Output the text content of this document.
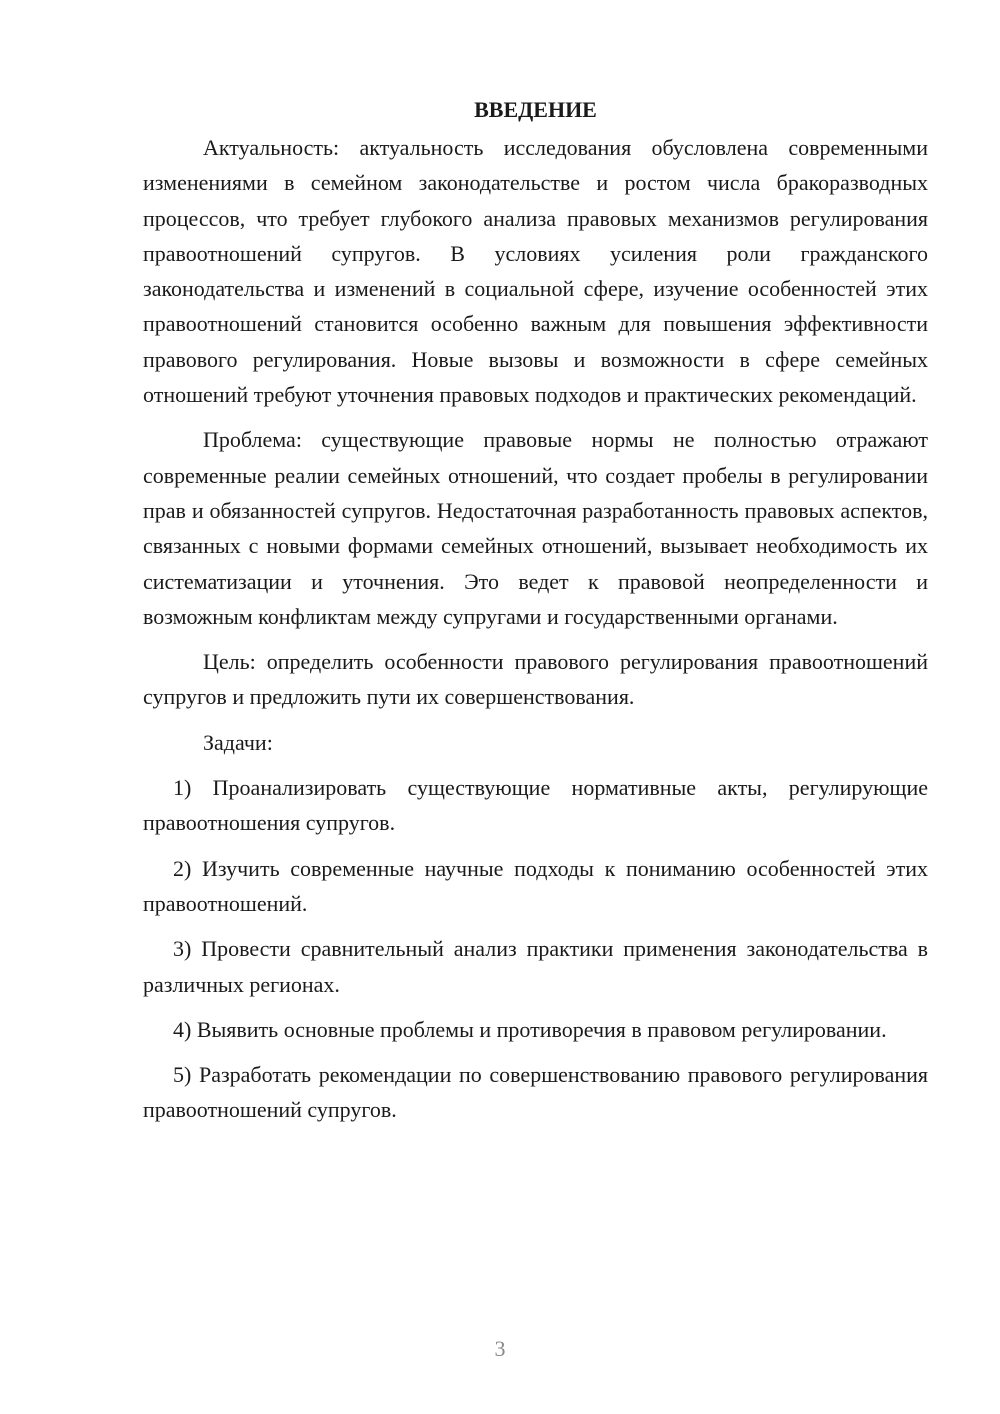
ВВЕДЕНИЕ

Актуальность: актуальность исследования обусловлена современными изменениями в семейном законодательстве и ростом числа бракоразводных процессов, что требует глубокого анализа правовых механизмов регулирования правоотношений супругов. В условиях усиления роли гражданского законодательства и изменений в социальной сфере, изучение особенностей этих правоотношений становится особенно важным для повышения эффективности правового регулирования. Новые вызовы и возможности в сфере семейных отношений требуют уточнения правовых подходов и практических рекомендаций.

Проблема: существующие правовые нормы не полностью отражают современные реалии семейных отношений, что создает пробелы в регулировании прав и обязанностей супругов. Недостаточная разработанность правовых аспектов, связанных с новыми формами семейных отношений, вызывает необходимость их систематизации и уточнения. Это ведет к правовой неопределенности и возможным конфликтам между супругами и государственными органами.

Цель: определить особенности правового регулирования правоотношений супругов и предложить пути их совершенствования.

Задачи:

1) Проанализировать существующие нормативные акты, регулирующие правоотношения супругов.

2) Изучить современные научные подходы к пониманию особенностей этих правоотношений.

3) Провести сравнительный анализ практики применения законодательства в различных регионах.

4) Выявить основные проблемы и противоречия в правовом регулировании.

5) Разработать рекомендации по совершенствованию правового регулирования правоотношений супругов.

3
